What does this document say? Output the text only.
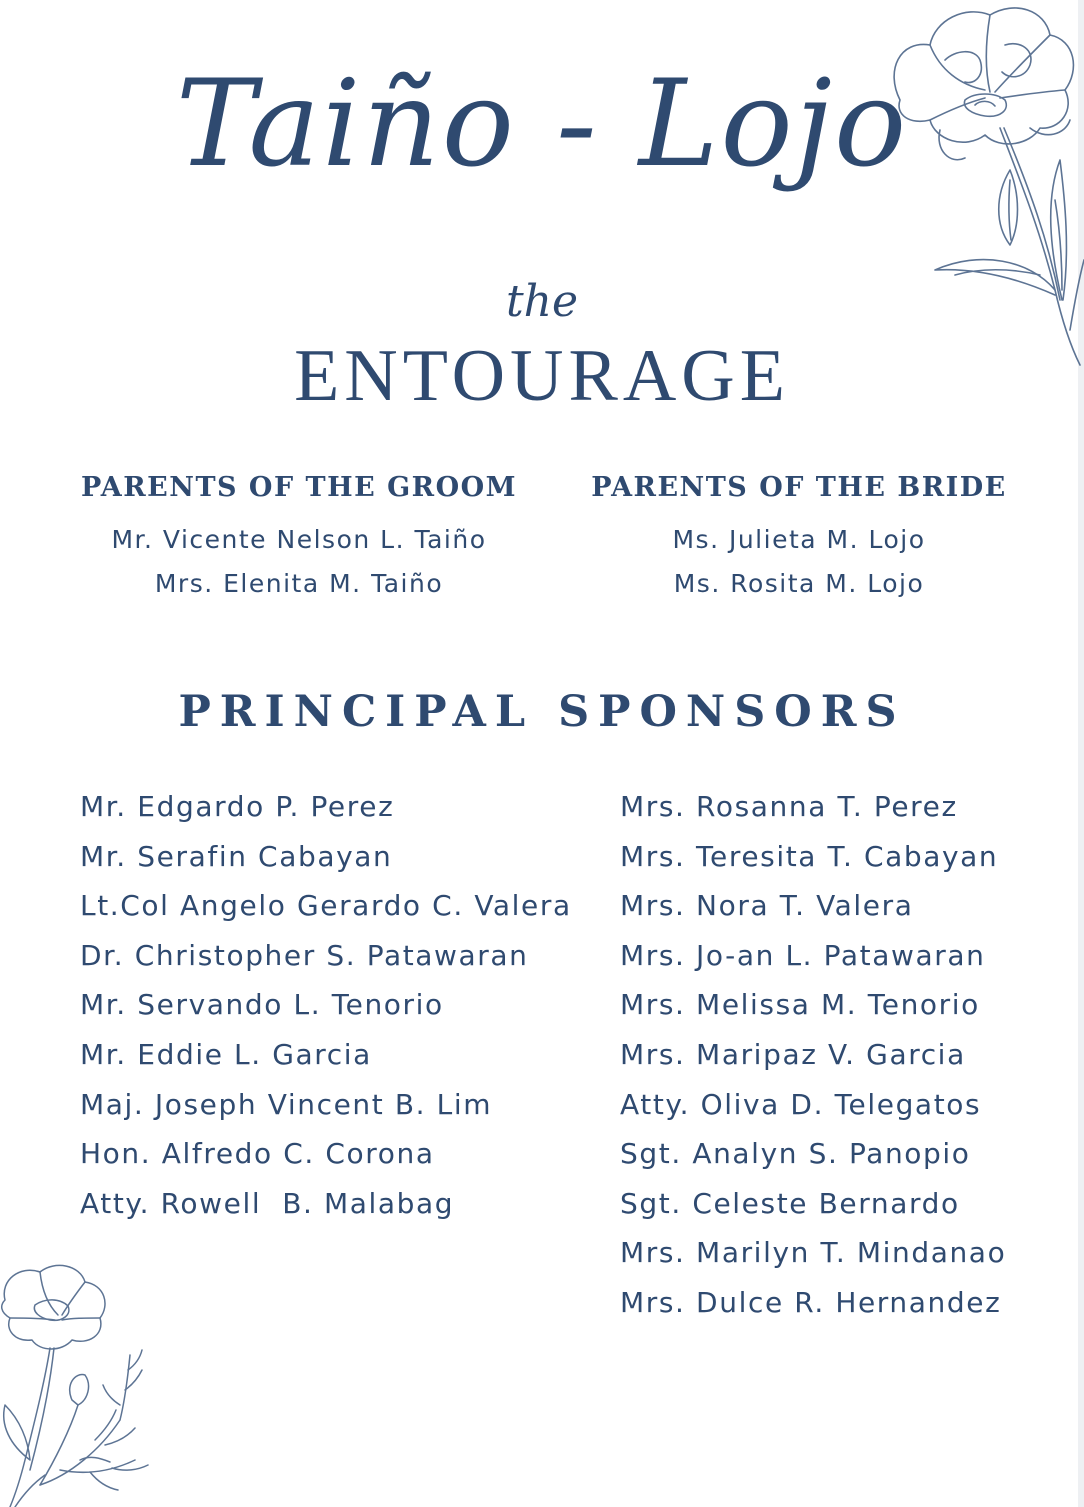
Taiño - Lojo
the
ENTOURAGE
PARENTS OF THE GROOM
Mr. Vicente Nelson L. Taiño
Mrs. Elenita M. Taiño
PARENTS OF THE BRIDE
Ms. Julieta M. Lojo
Ms. Rosita M. Lojo
PRINCIPAL SPONSORS
Mr. Edgardo P. Perez
Mr. Serafin Cabayan
Lt.Col Angelo Gerardo C. Valera
Dr. Christopher S. Patawaran
Mr. Servando L. Tenorio
Mr. Eddie L. Garcia
Maj. Joseph Vincent B. Lim
Hon. Alfredo C. Corona
Atty. Rowell  B. Malabag
Mrs. Rosanna T. Perez
Mrs. Teresita T. Cabayan
Mrs. Nora T. Valera
Mrs. Jo-an L. Patawaran
Mrs. Melissa M. Tenorio
Mrs. Maripaz V. Garcia
Atty. Oliva D. Telegatos
Sgt. Analyn S. Panopio
Sgt. Celeste Bernardo
Mrs. Marilyn T. Mindanao
Mrs. Dulce R. Hernandez
